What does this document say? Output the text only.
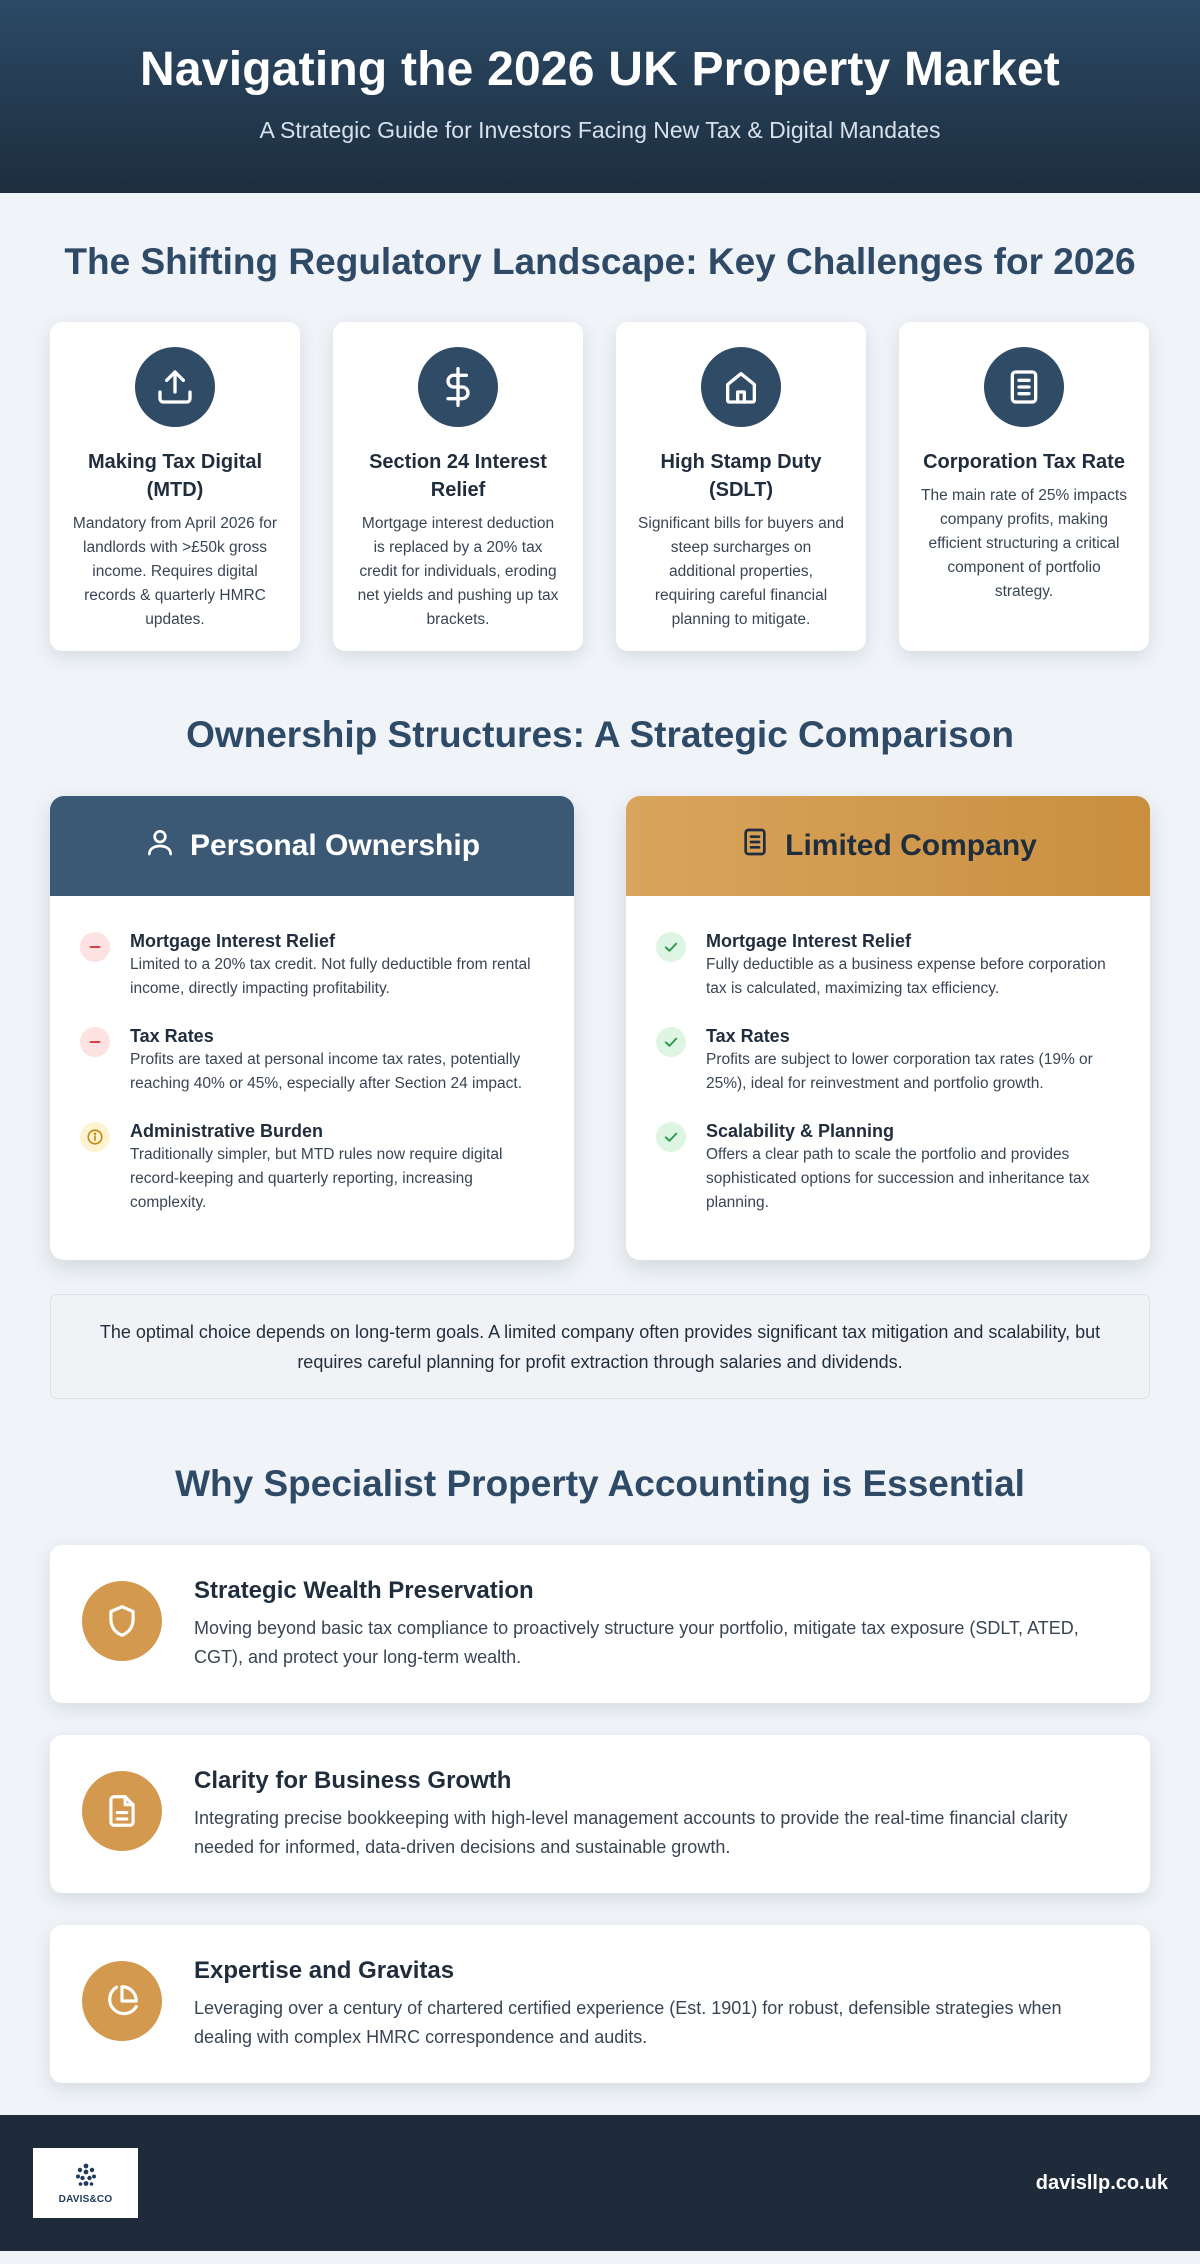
Navigating the 2026 UK Property Market

A Strategic Guide for Investors Facing New Tax & Digital Mandates

The Shifting Regulatory Landscape: Key Challenges for 2026
Making Tax Digital (MTD)

Mandatory from April 2026 for landlords with >£50k gross income. Requires digital records & quarterly HMRC updates.

Section 24 Interest Relief

Mortgage interest deduction is replaced by a 20% tax credit for individuals, eroding net yields and pushing up tax brackets.

High Stamp Duty (SDLT)

Significant bills for buyers and steep surcharges on additional properties, requiring careful financial planning to mitigate.

Corporation Tax Rate

The main rate of 25% impacts company profits, making efficient structuring a critical component of portfolio strategy.

Ownership Structures: A Strategic Comparison
Personal Ownership
Mortgage Interest Relief

Limited to a 20% tax credit. Not fully deductible from rental income, directly impacting profitability.

Tax Rates

Profits are taxed at personal income tax rates, potentially reaching 40% or 45%, especially after Section 24 impact.

Administrative Burden

Traditionally simpler, but MTD rules now require digital record-keeping and quarterly reporting, increasing complexity.

Limited Company
Mortgage Interest Relief

Fully deductible as a business expense before corporation tax is calculated, maximizing tax efficiency.

Tax Rates

Profits are subject to lower corporation tax rates (19% or 25%), ideal for reinvestment and portfolio growth.

Scalability & Planning

Offers a clear path to scale the portfolio and provides sophisticated options for succession and inheritance tax planning.

The optimal choice depends on long-term goals. A limited company often provides significant tax mitigation and scalability, but requires careful planning for profit extraction through salaries and dividends.
Why Specialist Property Accounting is Essential
Strategic Wealth Preservation

Moving beyond basic tax compliance to proactively structure your portfolio, mitigate tax exposure (SDLT, ATED, CGT), and protect your long-term wealth.

Clarity for Business Growth

Integrating precise bookkeeping with high-level management accounts to provide the real-time financial clarity needed for informed, data-driven decisions and sustainable growth.

Expertise and Gravitas

Leveraging over a century of chartered certified experience (Est. 1901) for robust, defensible strategies when dealing with complex HMRC correspondence and audits.

DAVIS&CO
davisllp.co.uk
